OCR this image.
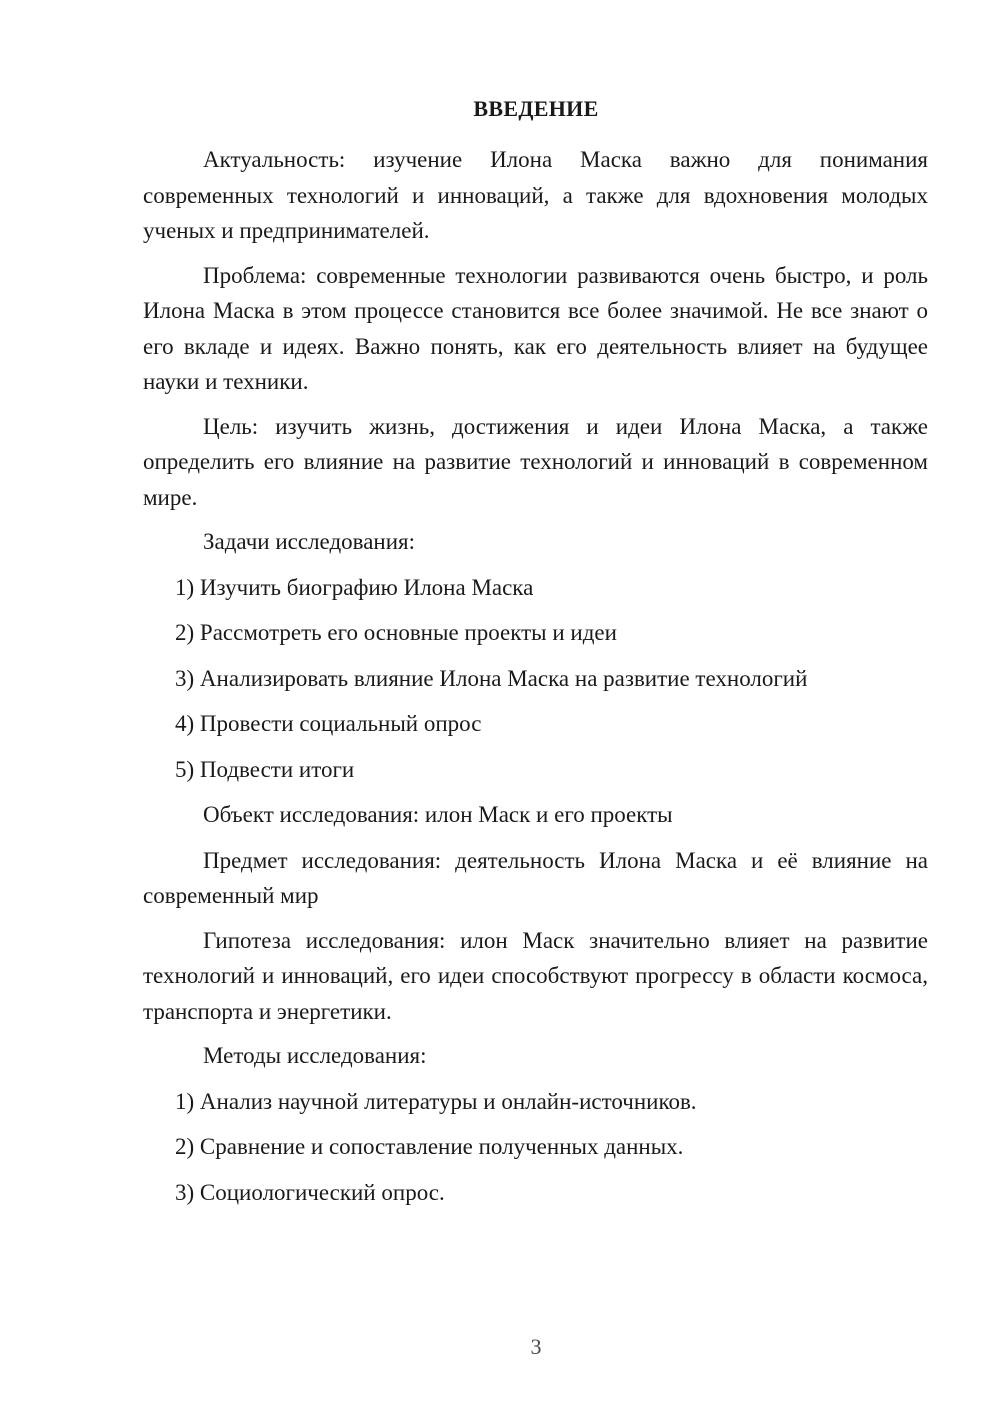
ВВЕДЕНИЕ

Актуальность: изучение Илона Маска важно для понимания современных технологий и инноваций, а также для вдохновения молодых ученых и предпринимателей.

Проблема: современные технологии развиваются очень быстро, и роль Илона Маска в этом процессе становится все более значимой. Не все знают о его вкладе и идеях. Важно понять, как его деятельность влияет на будущее науки и техники.

Цель: изучить жизнь, достижения и идеи Илона Маска, а также определить его влияние на развитие технологий и инноваций в современном мире.

Задачи исследования:

1) Изучить биографию Илона Маска
2) Рассмотреть его основные проекты и идеи
3) Анализировать влияние Илона Маска на развитие технологий
4) Провести социальный опрос
5) Подвести итоги

Объект исследования: илон Маск и его проекты

Предмет исследования: деятельность Илона Маска и её влияние на современный мир

Гипотеза исследования: илон Маск значительно влияет на развитие технологий и инноваций, его идеи способствуют прогрессу в области космоса, транспорта и энергетики.

Методы исследования:

1) Анализ научной литературы и онлайн-источников.
2) Сравнение и сопоставление полученных данных.
3) Социологический опрос.
3
